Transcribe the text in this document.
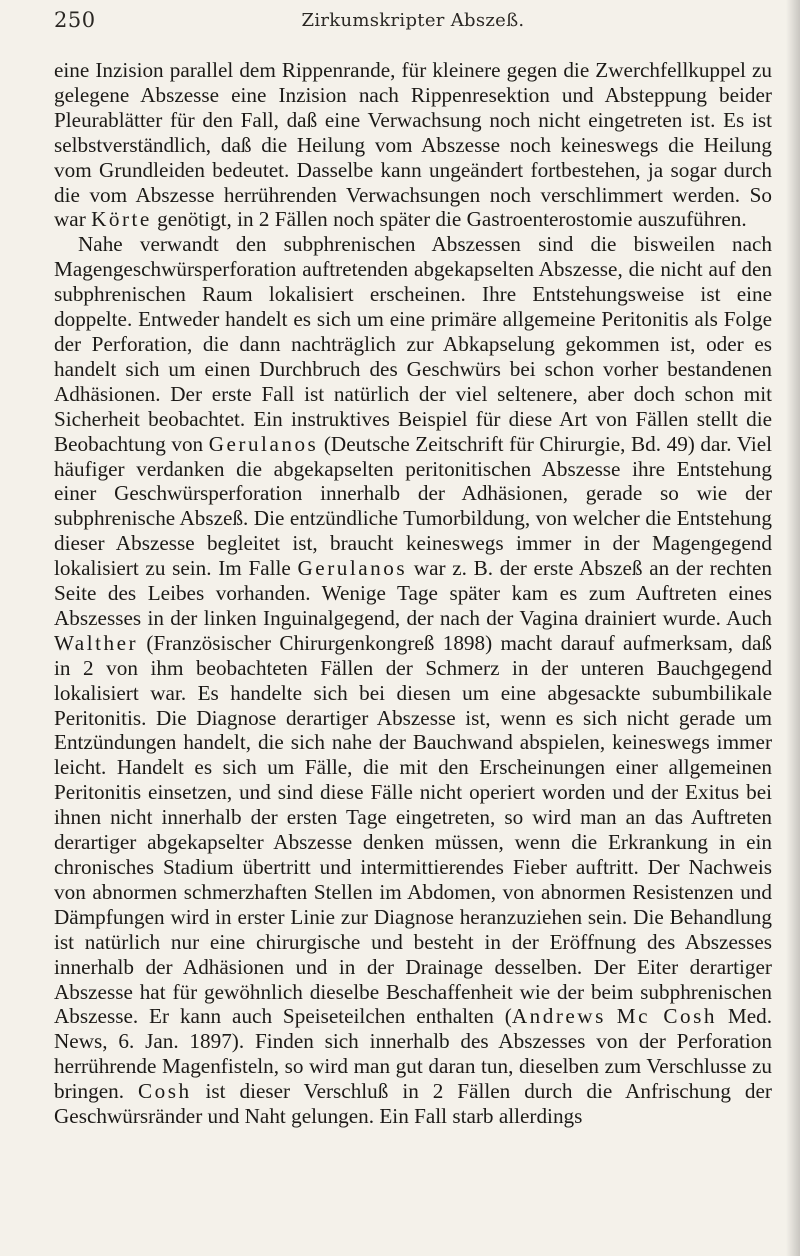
250	Zirkumskripter Abszeß.

eine Inzision parallel dem Rippenrande, für kleinere gegen die Zwerchfellkuppel zu gelegene Abszesse eine Inzision nach Rippenresektion und Absteppung beider Pleurablätter für den Fall, daß eine Verwachsung noch nicht eingetreten ist. Es ist selbstverständlich, daß die Heilung vom Abszesse noch keineswegs die Heilung vom Grundleiden bedeutet. Dasselbe kann ungeändert fortbestehen, ja sogar durch die vom Abszesse herrührenden Verwachsungen noch verschlimmert werden. So war Körte genötigt, in 2 Fällen noch später die Gastroenterostomie auszuführen.

Nahe verwandt den subphrenischen Abszessen sind die bisweilen nach Magengeschwürsperforation auftretenden abgekapselten Abszesse, die nicht auf den subphrenischen Raum lokalisiert erscheinen. Ihre Entstehungsweise ist eine doppelte. Entweder handelt es sich um eine primäre allgemeine Peritonitis als Folge der Perforation, die dann nachträglich zur Abkapselung gekommen ist, oder es handelt sich um einen Durchbruch des Geschwürs bei schon vorher bestandenen Adhäsionen. Der erste Fall ist natürlich der viel seltenere, aber doch schon mit Sicherheit beobachtet. Ein instruktives Beispiel für diese Art von Fällen stellt die Beobachtung von Gerulanos (Deutsche Zeitschrift für Chirurgie, Bd. 49) dar. Viel häufiger verdanken die abgekapselten peritonitischen Abszesse ihre Entstehung einer Geschwürsperforation innerhalb der Adhäsionen, gerade so wie der subphrenische Abszeß. Die entzündliche Tumorbildung, von welcher die Entstehung dieser Abszesse begleitet ist, braucht keineswegs immer in der Magengegend lokalisiert zu sein. Im Falle Gerulanos war z. B. der erste Abszeß an der rechten Seite des Leibes vorhanden. Wenige Tage später kam es zum Auftreten eines Abszesses in der linken Inguinalgegend, der nach der Vagina drainiert wurde. Auch Walther (Französischer Chirurgenkongreß 1898) macht darauf aufmerksam, daß in 2 von ihm beobachteten Fällen der Schmerz in der unteren Bauchgegend lokalisiert war. Es handelte sich bei diesen um eine abgesackte subumbilikale Peritonitis. Die Diagnose derartiger Abszesse ist, wenn es sich nicht gerade um Entzündungen handelt, die sich nahe der Bauchwand abspielen, keineswegs immer leicht. Handelt es sich um Fälle, die mit den Erscheinungen einer allgemeinen Peritonitis einsetzen, und sind diese Fälle nicht operiert worden und der Exitus bei ihnen nicht innerhalb der ersten Tage eingetreten, so wird man an das Auftreten derartiger abgekapselter Abszesse denken müssen, wenn die Erkrankung in ein chronisches Stadium übertritt und intermittierendes Fieber auftritt. Der Nachweis von abnormen schmerzhaften Stellen im Abdomen, von abnormen Resistenzen und Dämpfungen wird in erster Linie zur Diagnose heranzuziehen sein. Die Behandlung ist natürlich nur eine chirurgische und besteht in der Eröffnung des Abszesses innerhalb der Adhäsionen und in der Drainage desselben. Der Eiter derartiger Abszesse hat für gewöhnlich dieselbe Beschaffenheit wie der beim subphrenischen Abszesse. Er kann auch Speiseteilchen enthalten (Andrews Mc Cosh Med. News, 6. Jan. 1897). Finden sich innerhalb des Abszesses von der Perforation herrührende Magenfisteln, so wird man gut daran tun, dieselben zum Verschlusse zu bringen. Cosh ist dieser Verschluß in 2 Fällen durch die Anfrischung der Geschwürsränder und Naht gelungen. Ein Fall starb allerdings
